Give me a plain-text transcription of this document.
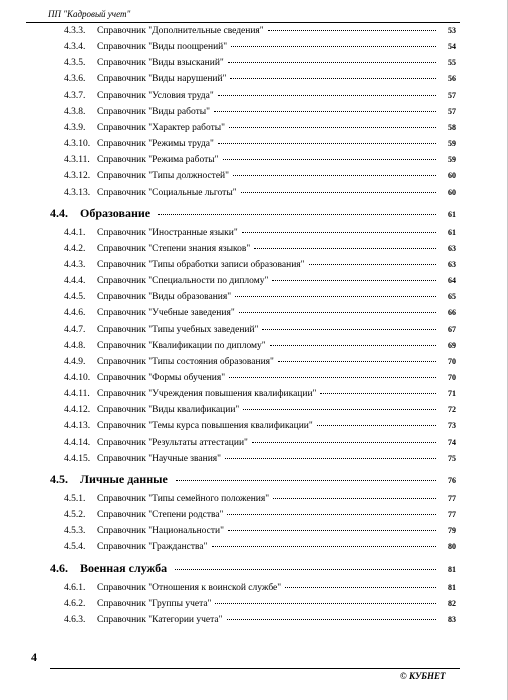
ПП "Кадровый учет"
4.3.3.	Справочник "Дополнительные сведения"	53
4.3.4.	Справочник "Виды поощрений"	54
4.3.5.	Справочник "Виды взысканий"	55
4.3.6.	Справочник "Виды нарушений"	56
4.3.7.	Справочник "Условия труда"	57
4.3.8.	Справочник "Виды работы"	57
4.3.9.	Справочник "Характер работы"	58
4.3.10. Справочник "Режимы труда"	59
4.3.11. Справочник "Режима работы"	59
4.3.12. Справочник "Типы должностей"	60
4.3.13. Справочник "Социальные льготы"	60
4.4.	Образование	61
4.4.1.	Справочник "Иностранные языки"	61
4.4.2.	Справочник "Степени знания языков"	63
4.4.3.	Справочник "Типы обработки записи образования"	63
4.4.4.	Справочник "Специальности по диплому"	64
4.4.5.	Справочник "Виды образования"	65
4.4.6.	Справочник "Учебные заведения"	66
4.4.7.	Справочник "Типы учебных заведений"	67
4.4.8.	Справочник "Квалификации по диплому"	69
4.4.9.	Справочник "Типы состояния образования"	70
4.4.10. Справочник "Формы обучения"	70
4.4.11. Справочник "Учреждения повышения квалификации"	71
4.4.12. Справочник "Виды квалификации"	72
4.4.13. Справочник "Темы курса повышения квалификации"	73
4.4.14. Справочник "Результаты аттестации"	74
4.4.15. Справочник "Научные звания"	75
4.5.	Личные данные	76
4.5.1.	Справочник "Типы семейного положения"	77
4.5.2.	Справочник "Степени родства"	77
4.5.3.	Справочник "Национальности"	79
4.5.4.	Справочник "Гражданства"	80
4.6.	Военная служба	81
4.6.1.	Справочник "Отношения к воинской службе"	81
4.6.2.	Справочник "Группы учета"	82
4.6.3.	Справочник "Категории учета"	83
4
© КУБНЕТ
